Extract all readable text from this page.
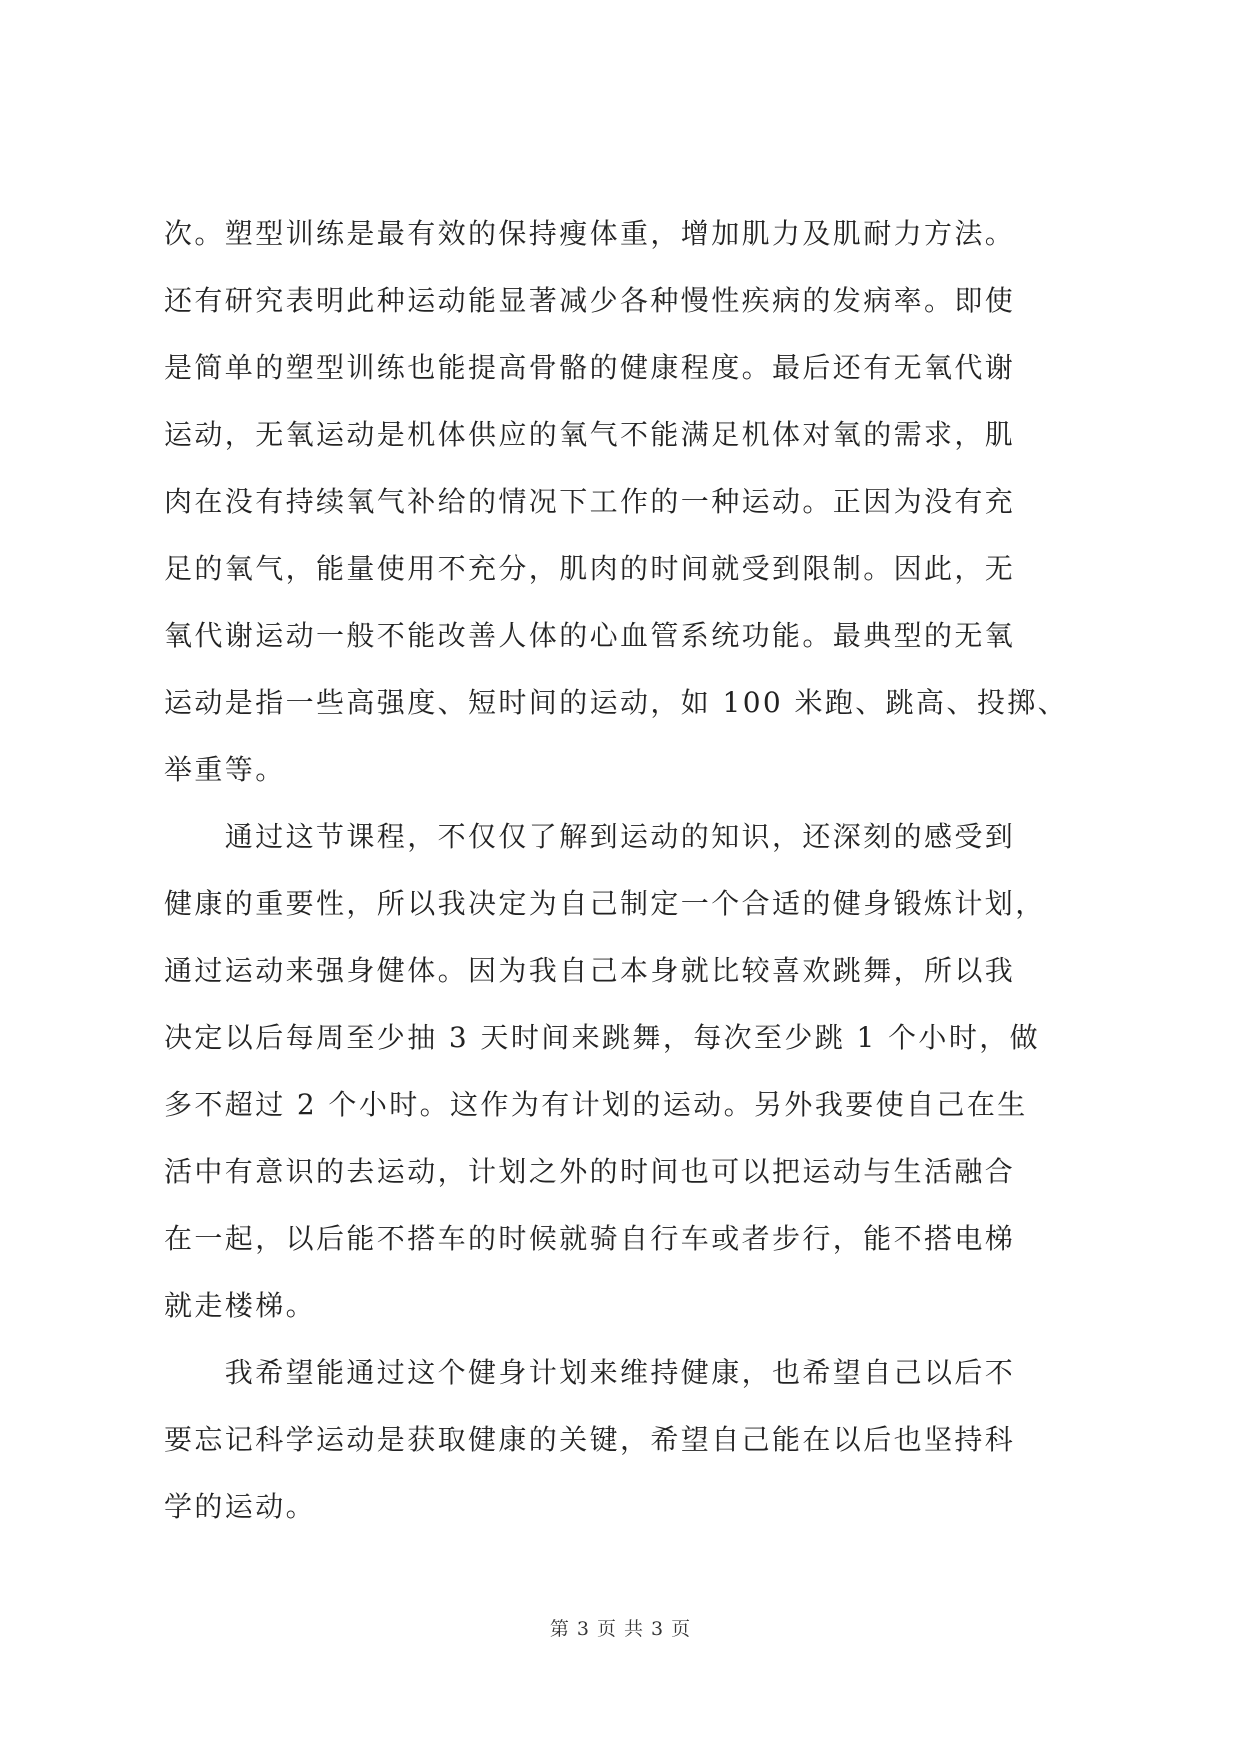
次。塑型训练是最有效的保持瘦体重，增加肌力及肌耐力方法。
还有研究表明此种运动能显著减少各种慢性疾病的发病率。即使
是简单的塑型训练也能提高骨骼的健康程度。最后还有无氧代谢
运动，无氧运动是机体供应的氧气不能满足机体对氧的需求，肌
肉在没有持续氧气补给的情况下工作的一种运动。正因为没有充
足的氧气，能量使用不充分，肌肉的时间就受到限制。因此，无
氧代谢运动一般不能改善人体的心血管系统功能。最典型的无氧
运动是指一些高强度、短时间的运动，如 100 米跑、跳高、投掷、
举重等。
　　通过这节课程，不仅仅了解到运动的知识，还深刻的感受到
健康的重要性，所以我决定为自己制定一个合适的健身锻炼计划，
通过运动来强身健体。因为我自己本身就比较喜欢跳舞，所以我
决定以后每周至少抽 3 天时间来跳舞，每次至少跳 1 个小时，做
多不超过 2 个小时。这作为有计划的运动。另外我要使自己在生
活中有意识的去运动，计划之外的时间也可以把运动与生活融合
在一起，以后能不搭车的时候就骑自行车或者步行，能不搭电梯
就走楼梯。
　　我希望能通过这个健身计划来维持健康，也希望自己以后不
要忘记科学运动是获取健康的关键，希望自己能在以后也坚持科
学的运动。
第 3 页 共 3 页
